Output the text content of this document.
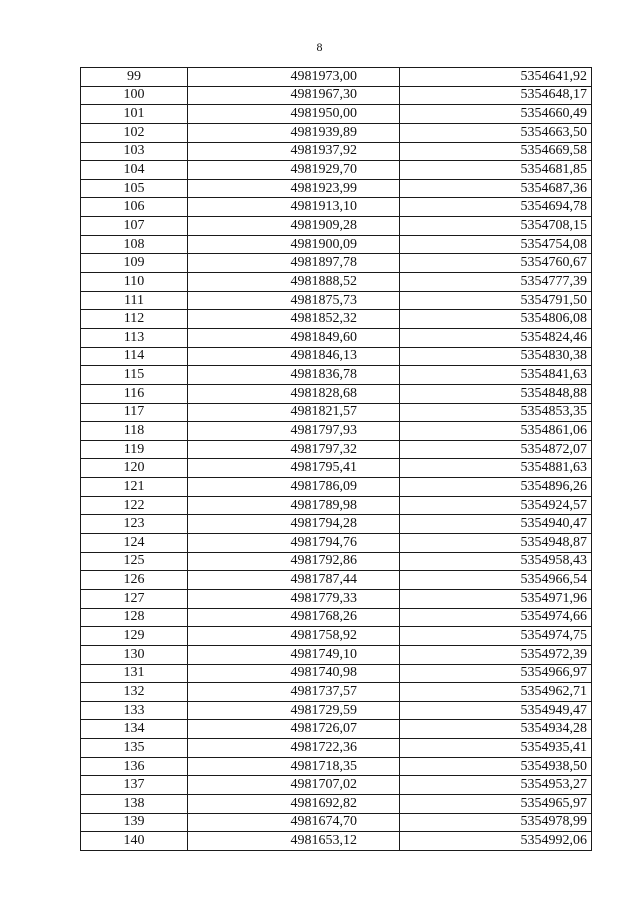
8
99	4981973,00	5354641,92
100	4981967,30	5354648,17
101	4981950,00	5354660,49
102	4981939,89	5354663,50
103	4981937,92	5354669,58
104	4981929,70	5354681,85
105	4981923,99	5354687,36
106	4981913,10	5354694,78
107	4981909,28	5354708,15
108	4981900,09	5354754,08
109	4981897,78	5354760,67
110	4981888,52	5354777,39
111	4981875,73	5354791,50
112	4981852,32	5354806,08
113	4981849,60	5354824,46
114	4981846,13	5354830,38
115	4981836,78	5354841,63
116	4981828,68	5354848,88
117	4981821,57	5354853,35
118	4981797,93	5354861,06
119	4981797,32	5354872,07
120	4981795,41	5354881,63
121	4981786,09	5354896,26
122	4981789,98	5354924,57
123	4981794,28	5354940,47
124	4981794,76	5354948,87
125	4981792,86	5354958,43
126	4981787,44	5354966,54
127	4981779,33	5354971,96
128	4981768,26	5354974,66
129	4981758,92	5354974,75
130	4981749,10	5354972,39
131	4981740,98	5354966,97
132	4981737,57	5354962,71
133	4981729,59	5354949,47
134	4981726,07	5354934,28
135	4981722,36	5354935,41
136	4981718,35	5354938,50
137	4981707,02	5354953,27
138	4981692,82	5354965,97
139	4981674,70	5354978,99
140	4981653,12	5354992,06
